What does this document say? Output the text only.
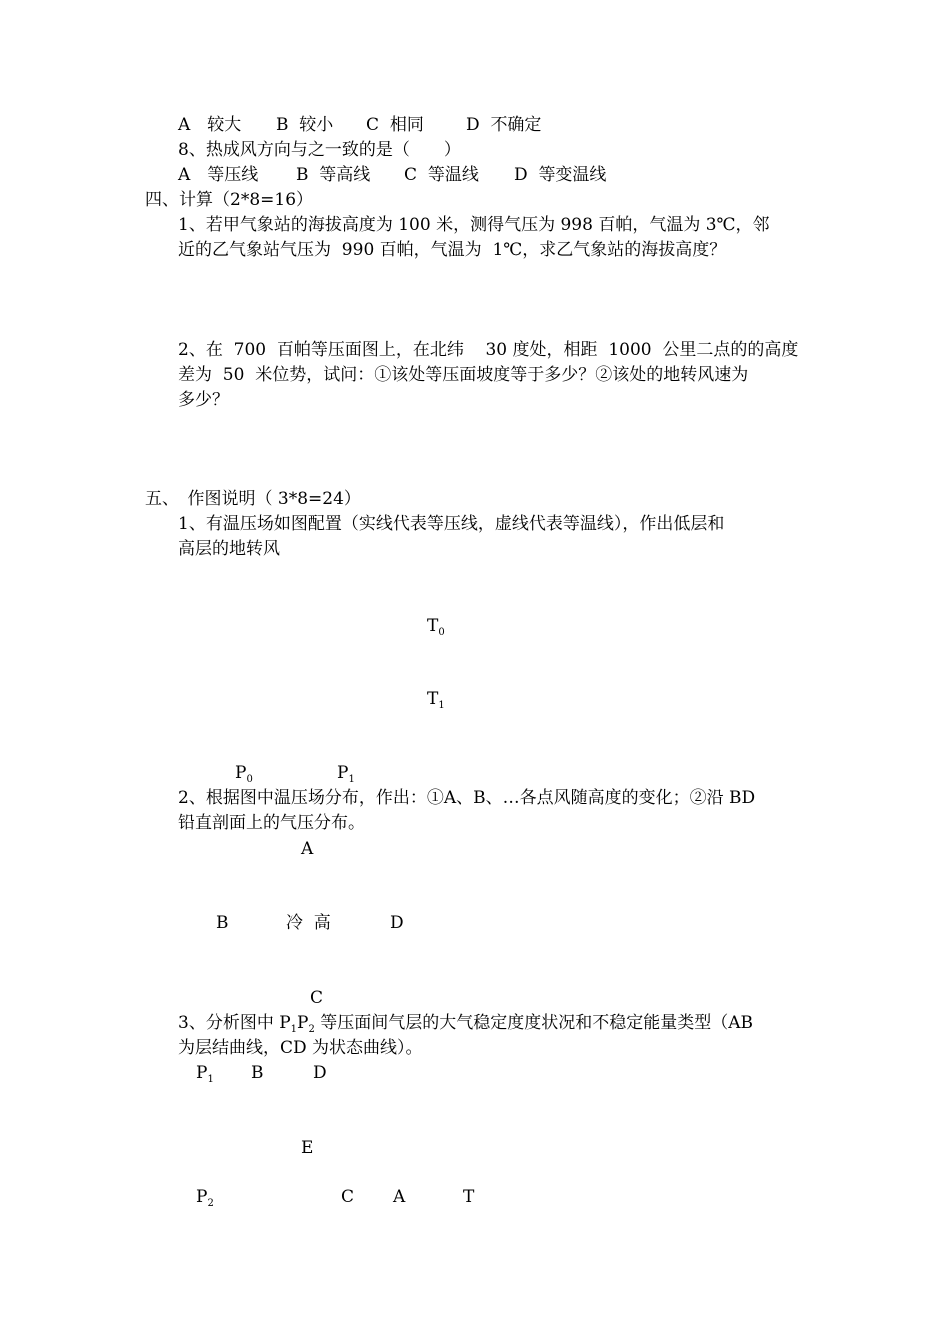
A　较大 B  较小 C  相同 D  不确定
8、热成风方向与之一致的是（　　）
A　等压线 B  等高线 C  等温线 D  等变温线
四、计算（2*8=16）
1、若甲气象站的海拔高度为 100 米，测得气压为 998 百帕，气温为 3℃，邻
近的乙气象站气压为  990 百帕，气温为  1℃，求乙气象站的海拔高度？
2、在  700  百帕等压面图上，在北纬    30 度处，相距  1000  公里二点的的高度
差为  50  米位势，试问：①该处等压面坡度等于多少？②该处的地转风速为
多少？
五、　作图说明（ 3*8=24）
1、有温压场如图配置（实线代表等压线，虚线代表等温线），作出低层和
高层的地转风
$T_0$
$T_1$
$P_0$	$P_1$
2、根据图中温压场分布，作出：①A、B、…各点风随高度的变化；②沿 BD
铅直剖面上的气压分布。
A
B	冷  高	D
C
3、分析图中 $P_1P_2$ 等压面间气层的大气稳定度度状况和不稳定能量类型（AB
为层结曲线，CD 为状态曲线）。
$P_1$ B	D
E
$P_2$	C A	T
